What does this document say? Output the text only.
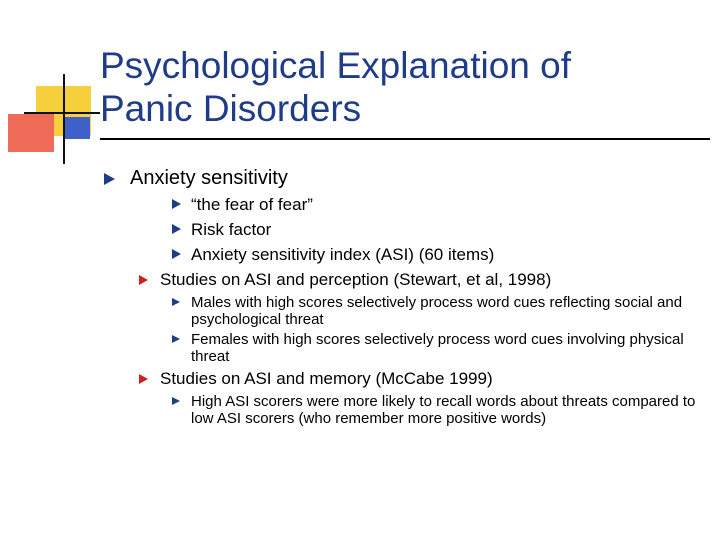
Psychological Explanation of
Panic Disorders
Anxiety sensitivity
“the fear of fear”
Risk factor
Anxiety sensitivity index (ASI) (60 items)
Studies on ASI and perception (Stewart, et al, 1998)
Males with high scores selectively process word cues reflecting social and psychological threat
Females with high scores selectively process word cues involving physical threat
Studies on ASI and memory (McCabe 1999)
High ASI scorers were more likely to recall words about threats compared to low ASI scorers (who remember more positive words)
